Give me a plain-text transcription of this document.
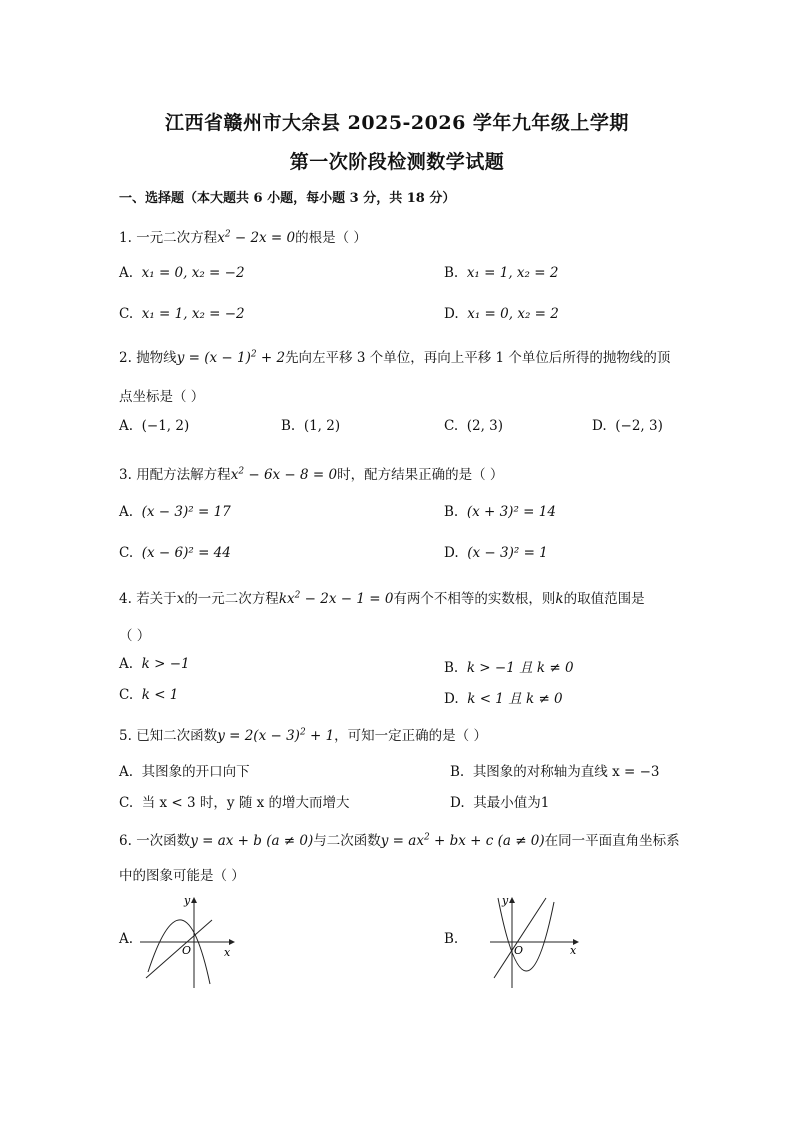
江西省赣州市大余县 2025-2026 学年九年级上学期
第一次阶段检测数学试题
一、选择题（本大题共 6 小题，每小题 3 分，共 18 分）
1. 一元二次方程$x^2 - 2x = 0$的根是（ ）
A. x₁ = 0, x₂ = −2	B. x₁ = 1, x₂ = 2
C. x₁ = 1, x₂ = −2	D. x₁ = 0, x₂ = 2
2. 抛物线$y = (x - 1)^2 + 2$先向左平移 3 个单位，再向上平移 1 个单位后所得的抛物线的顶
点坐标是（ ）
A. (−1, 2)	B. (1, 2)	C. (2, 3)	D. (−2, 3)
3. 用配方法解方程$x^2 - 6x - 8 = 0$时，配方结果正确的是（ ）
A. (x − 3)² = 17	B. (x + 3)² = 14
C. (x − 6)² = 44	D. (x − 3)² = 1
4. 若关于x的一元二次方程$kx^2 - 2x - 1 = 0$有两个不相等的实数根，则k的取值范围是
（ ）
A. k > −1	B. k > −1 且 k ≠ 0
C. k < 1	D. k < 1 且 k ≠ 0
5. 已知二次函数$y = 2(x - 3)^2 + 1$，可知一定正确的是（ ）
A. 其图象的开口向下	B. 其图象的对称轴为直线 x = −3
C. 当 x < 3 时，y 随 x 的增大而增大	D. 其最小值为1
6. 一次函数y = ax + b (a ≠ 0)与二次函数$y = ax^2$ + bx + c (a ≠ 0)在同一平面直角坐标系
中的图象可能是（ ）
A.
y
x
O
B.
y
x
O
